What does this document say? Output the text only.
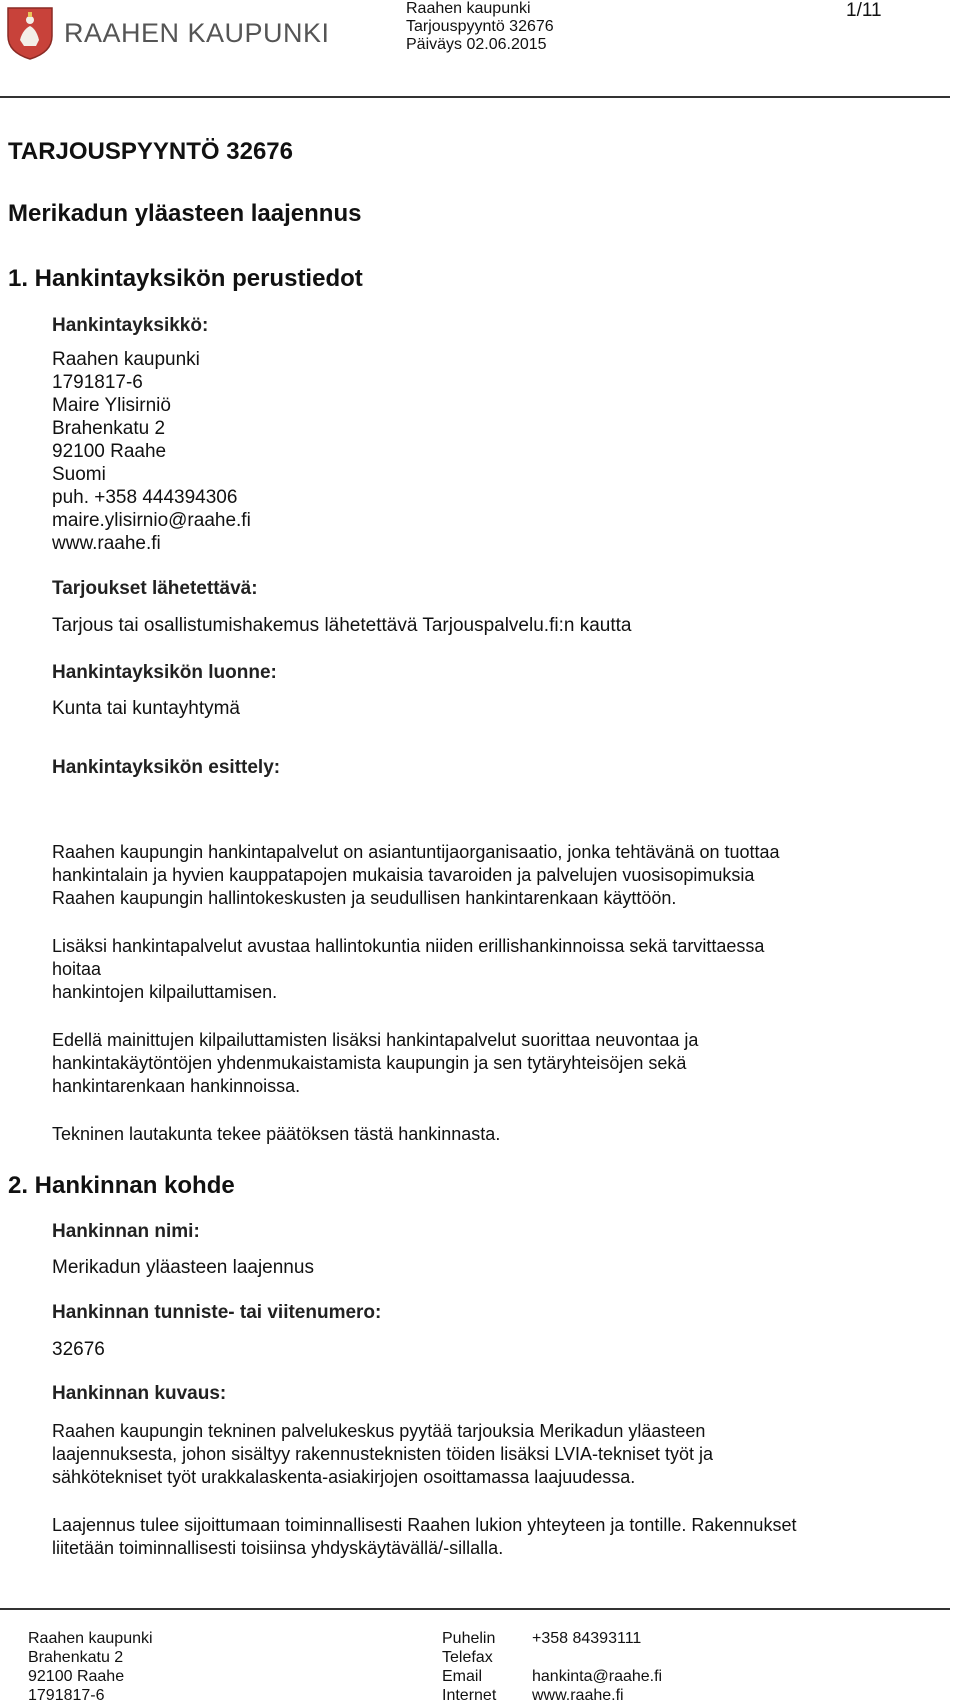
RAAHEN KAUPUNKI
Raahen kaupunki
Tarjouspyyntö 32676
Päiväys 02.06.2015
1/11
TARJOUSPYYNTÖ 32676
Merikadun yläasteen laajennus
1. Hankintayksikön perustiedot
Hankintayksikkö:
Raahen kaupunki
1791817-6
Maire Ylisirniö
Brahenkatu 2
92100 Raahe
Suomi
puh. +358 444394306
maire.ylisirnio@raahe.fi
www.raahe.fi
Tarjoukset lähetettävä:
Tarjous tai osallistumishakemus lähetettävä Tarjouspalvelu.fi:n kautta
Hankintayksikön luonne:
Kunta tai kuntayhtymä
Hankintayksikön esittely:
Raahen kaupungin hankintapalvelut on asiantuntijaorganisaatio, jonka tehtävänä on tuottaa
hankintalain ja hyvien kauppatapojen mukaisia tavaroiden ja palvelujen vuosisopimuksia
Raahen kaupungin hallintokeskusten ja seudullisen hankintarenkaan käyttöön.
Lisäksi hankintapalvelut avustaa hallintokuntia niiden erillishankinnoissa sekä tarvittaessa
hoitaa
hankintojen kilpailuttamisen.
Edellä mainittujen kilpailuttamisten lisäksi hankintapalvelut suorittaa neuvontaa ja
hankintakäytöntöjen yhdenmukaistamista kaupungin ja sen tytäryhteisöjen sekä
hankintarenkaan hankinnoissa.
Tekninen lautakunta tekee päätöksen tästä hankinnasta.
2. Hankinnan kohde
Hankinnan nimi:
Merikadun yläasteen laajennus
Hankinnan tunniste- tai viitenumero:
32676
Hankinnan kuvaus:
Raahen kaupungin tekninen palvelukeskus pyytää tarjouksia Merikadun yläasteen
laajennuksesta, johon sisältyy rakennusteknisten töiden lisäksi LVIA-tekniset työt ja
sähkötekniset työt urakkalaskenta-asiakirjojen osoittamassa laajuudessa.
Laajennus tulee sijoittumaan toiminnallisesti Raahen lukion yhteyteen ja tontille. Rakennukset
liitetään toiminnallisesti toisiinsa yhdyskäytävällä/-sillalla.
Raahen kaupunki	Puhelin	+358 84393111
Brahenkatu 2	Telefax
92100 Raahe	Email	hankinta@raahe.fi
1791817-6	Internet	www.raahe.fi
